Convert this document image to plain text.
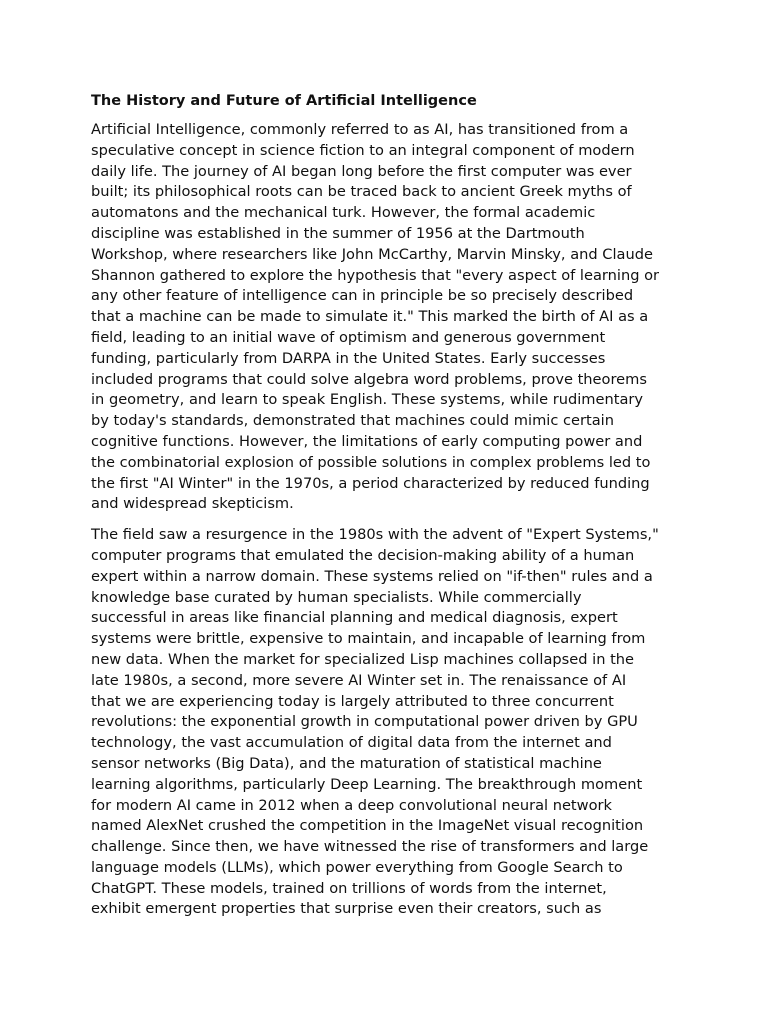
The History and Future of Artificial Intelligence

Artificial Intelligence, commonly referred to as AI, has transitioned from a
speculative concept in science fiction to an integral component of modern
daily life. The journey of AI began long before the first computer was ever
built; its philosophical roots can be traced back to ancient Greek myths of
automatons and the mechanical turk. However, the formal academic
discipline was established in the summer of 1956 at the Dartmouth
Workshop, where researchers like John McCarthy, Marvin Minsky, and Claude
Shannon gathered to explore the hypothesis that "every aspect of learning or
any other feature of intelligence can in principle be so precisely described
that a machine can be made to simulate it." This marked the birth of AI as a
field, leading to an initial wave of optimism and generous government
funding, particularly from DARPA in the United States. Early successes
included programs that could solve algebra word problems, prove theorems
in geometry, and learn to speak English. These systems, while rudimentary
by today's standards, demonstrated that machines could mimic certain
cognitive functions. However, the limitations of early computing power and
the combinatorial explosion of possible solutions in complex problems led to
the first "AI Winter" in the 1970s, a period characterized by reduced funding
and widespread skepticism.

The field saw a resurgence in the 1980s with the advent of "Expert Systems,"
computer programs that emulated the decision-making ability of a human
expert within a narrow domain. These systems relied on "if-then" rules and a
knowledge base curated by human specialists. While commercially
successful in areas like financial planning and medical diagnosis, expert
systems were brittle, expensive to maintain, and incapable of learning from
new data. When the market for specialized Lisp machines collapsed in the
late 1980s, a second, more severe AI Winter set in. The renaissance of AI
that we are experiencing today is largely attributed to three concurrent
revolutions: the exponential growth in computational power driven by GPU
technology, the vast accumulation of digital data from the internet and
sensor networks (Big Data), and the maturation of statistical machine
learning algorithms, particularly Deep Learning. The breakthrough moment
for modern AI came in 2012 when a deep convolutional neural network
named AlexNet crushed the competition in the ImageNet visual recognition
challenge. Since then, we have witnessed the rise of transformers and large
language models (LLMs), which power everything from Google Search to
ChatGPT. These models, trained on trillions of words from the internet,
exhibit emergent properties that surprise even their creators, such as
